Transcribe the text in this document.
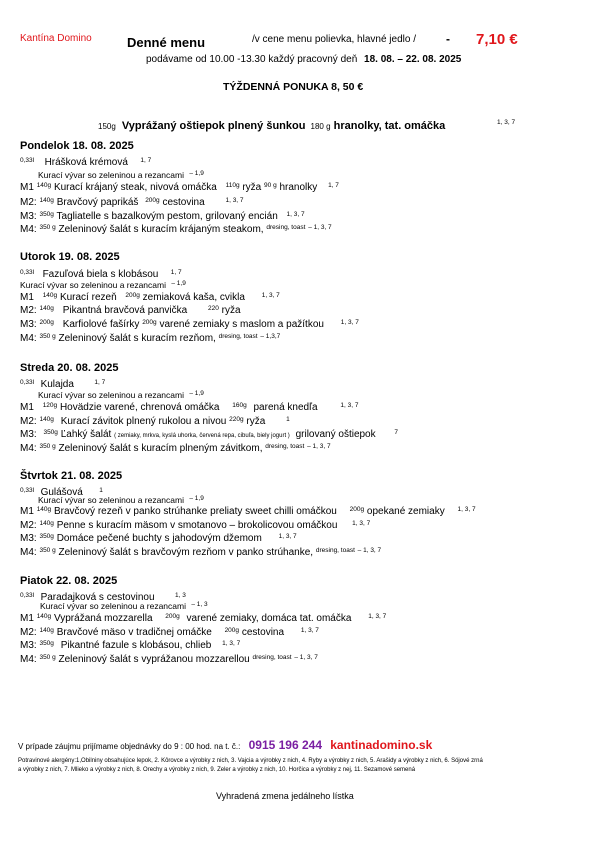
Kantína Domino	Denné menu	/v cene menu polievka, hlavné jedlo /	- 7,10 €
podávame od 10.00 -13.30 každý pracovný deň 18. 08. – 22. 08. 2025
TÝŽDENNÁ PONUKA 8, 50 €
150g Vyprážaný oštiepok plnený šunkou 180 g hranolky, tat. omáčka	1, 3, 7
Pondelok 18. 08. 2025
0,33l Hrášková krémová 1, 7
Kurací vývar so zeleninou a rezancami $^{- 1,9}$
M1 $^{140g}$ Kurací krájaný steak, nivová omáčka $^{110g}$ ryža $^{90 g}$ hranolky $^{1, 7}$
M2: $^{140g}$ Bravčový paprikáš $^{200g}$ cestovina	$^{1, 3, 7}$
M3: $^{350g}$ Tagliatelle s bazalkovým pestom, grilovaný encián $^{1, 3, 7}$
M4: $^{350 g}$ Zeleninový šalát s kuracím krájaným steakom, $^{dresing, toast}$ $^{- 1, 3, 7}$
Utorok 19. 08. 2025
0,33l Fazuľová biela s klobásou 1, 7
Kurací vývar so zeleninou a rezancami $^{- 1,9}$
M1 $^{140g}$ Kurací rezeň $^{200g}$ zemiaková kaša, cvikla	$^{1, 3, 7}$
M2: $^{140g}$ Pikantná bravčová panvička	$^{220}$ ryža
M3: $^{200g}$ Karfiolové fašírky $^{200g}$ varené zemiaky s maslom a pažítkou	$^{1, 3, 7}$
M4: $^{350 g}$ Zeleninový šalát s kuracím rezňom, $^{dresing, toast}$ $^{- 1,3,7}$
Streda 20. 08. 2025
0,33l Kulajda	1, 7
Kurací vývar so zeleninou a rezancami $^{- 1,9}$
M1 $^{120g}$ Hovädzie varené, chrenová omáčka $^{160g}$ parená knedľa	$^{1, 3, 7}$
M2: $^{140g}$ Kurací závitok plnený rukolou a nivou $^{220g}$ ryža	$^1$
M3: $^{350g}$ Ľahký šalát ( zemiaky, mrkva, kyslá uhorka, červená repa, cibuľa, biely jogurt ) grilovaný oštiepok	$^7$
M4: $^{350 g}$ Zeleninový šalát s kuracím plneným závitkom, $^{dresing, toast}$ $^{- 1, 3, 7}$
Štvrtok 21. 08. 2025
0,33l Gulášová	1
Kurací vývar so zeleninou a rezancami $^{- 1,9}$
M1 $^{140g}$ Bravčový rezeň v panko strúhanke preliaty sweet chilli omáčkou $^{200g}$ opekané zemiaky $^{1, 3, 7}$
M2: $^{140g}$ Penne s kuracím mäsom v smotanovo – brokolicovou omáčkou $^{1, 3, 7}$
M3: $^{350g}$ Domáce pečené buchty s jahodovým džemom	$^{1, 3, 7}$
M4: $^{350 g}$ Zeleninový šalát s bravčovým rezňom v panko strúhanke, $^{dresing, toast}$ $^{- 1, 3, 7}$
Piatok 22. 08. 2025
0,33l Paradajková s cestovinou	1, 3
Kurací vývar so zeleninou a rezancami $^{- 1, 3}$
M1 $^{140g}$ Vyprážaná mozzarella $^{200g}$ varené zemiaky, domáca tat. omáčka	$^{1, 3, 7}$
M2: $^{140g}$ Bravčové mäso v tradičnej omáčke $^{200g}$ cestovina	$^{1, 3, 7}$
M3: $^{350g}$ Pikantné fazule s klobásou, chlieb $^{1, 3, 7}$
M4: $^{350 g}$ Zeleninový šalát s vyprážanou mozzarellou $^{dresing, toast}$ $^{- 1, 3, 7}$
V prípade záujmu prijímame objednávky do 9 : 00 hod. na t. č.: 0915 196 244 kantinadomino.sk
Potravinové alergény:1,Obilniny obsahujúce lepok, 2. Kôrovce a výrobky z nich, 3. Vajcia a výrobky z nich, 4. Ryby a výrobky z nich, 5. Arašidy a výrobky z nich, 6. Sójové zrná
a výrobky z nich, 7. Mlieko a výrobky z nich, 8. Orechy a výrobky z nich, 9. Zeler a výrobky z nich, 10. Horčica a výrobky z nej, 11. Sezamové semená
Vyhradená zmena jedálneho lístka
